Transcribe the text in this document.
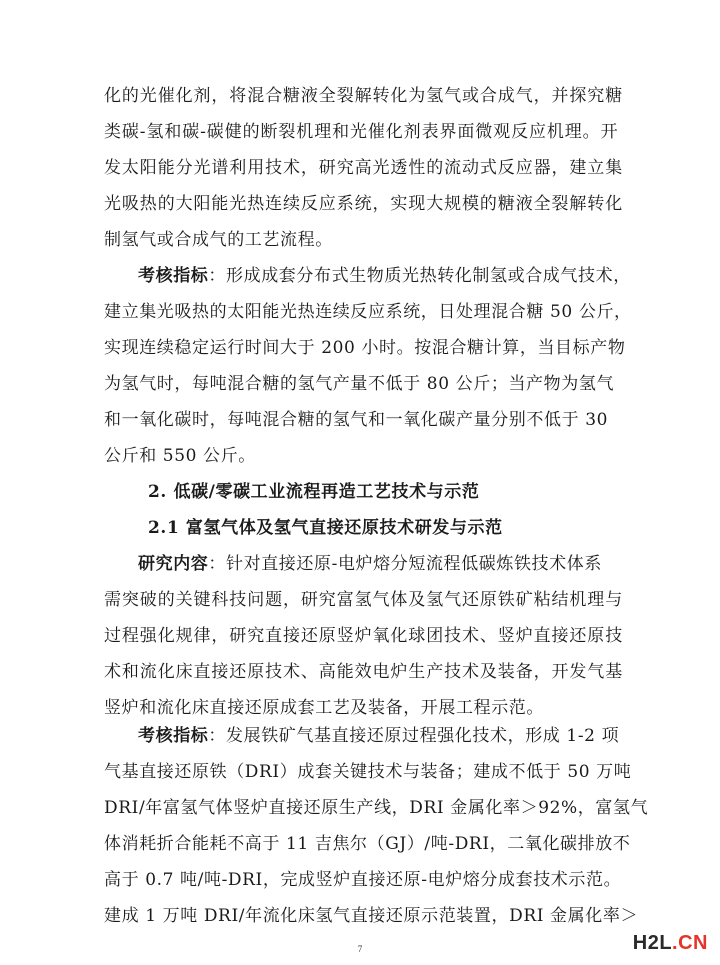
化的光催化剂，将混合糖液全裂解转化为氢气或合成气，并探究糖
类碳-氢和碳-碳健的断裂机理和光催化剂表界面微观反应机理。开
发太阳能分光谱利用技术，研究高光透性的流动式反应器，建立集
光吸热的大阳能光热连续反应系统，实现大规模的糖液全裂解转化
制氢气或合成气的工艺流程。
考核指标：形成成套分布式生物质光热转化制氢或合成气技术，
建立集光吸热的太阳能光热连续反应系统，日处理混合糖 50 公斤，
实现连续稳定运行时间大于 200 小时。按混合糖计算，当目标产物
为氢气时，每吨混合糖的氢气产量不低于 80 公斤；当产物为氢气
和一氧化碳时，每吨混合糖的氢气和一氧化碳产量分别不低于 30
公斤和 550 公斤。
2. 低碳/零碳工业流程再造工艺技术与示范
2.1 富氢气体及氢气直接还原技术研发与示范
研究内容：针对直接还原-电炉熔分短流程低碳炼铁技术体系
需突破的关键科技问题，研究富氢气体及氢气还原铁矿粘结机理与
过程强化规律，研究直接还原竖炉氧化球团技术、竖炉直接还原技
术和流化床直接还原技术、高能效电炉生产技术及装备，开发气基
竖炉和流化床直接还原成套工艺及装备，开展工程示范。
考核指标：发展铁矿气基直接还原过程强化技术，形成 1-2 项
气基直接还原铁（DRI）成套关键技术与装备；建成不低于 50 万吨
DRI/年富氢气体竖炉直接还原生产线，DRI 金属化率＞92%，富氢气
体消耗折合能耗不高于 11 吉焦尔（GJ）/吨-DRI，二氧化碳排放不
高于 0.7 吨/吨-DRI，完成竖炉直接还原-电炉熔分成套技术示范。
建成 1 万吨 DRI/年流化床氢气直接还原示范装置，DRI 金属化率＞
7	H2L.CN
